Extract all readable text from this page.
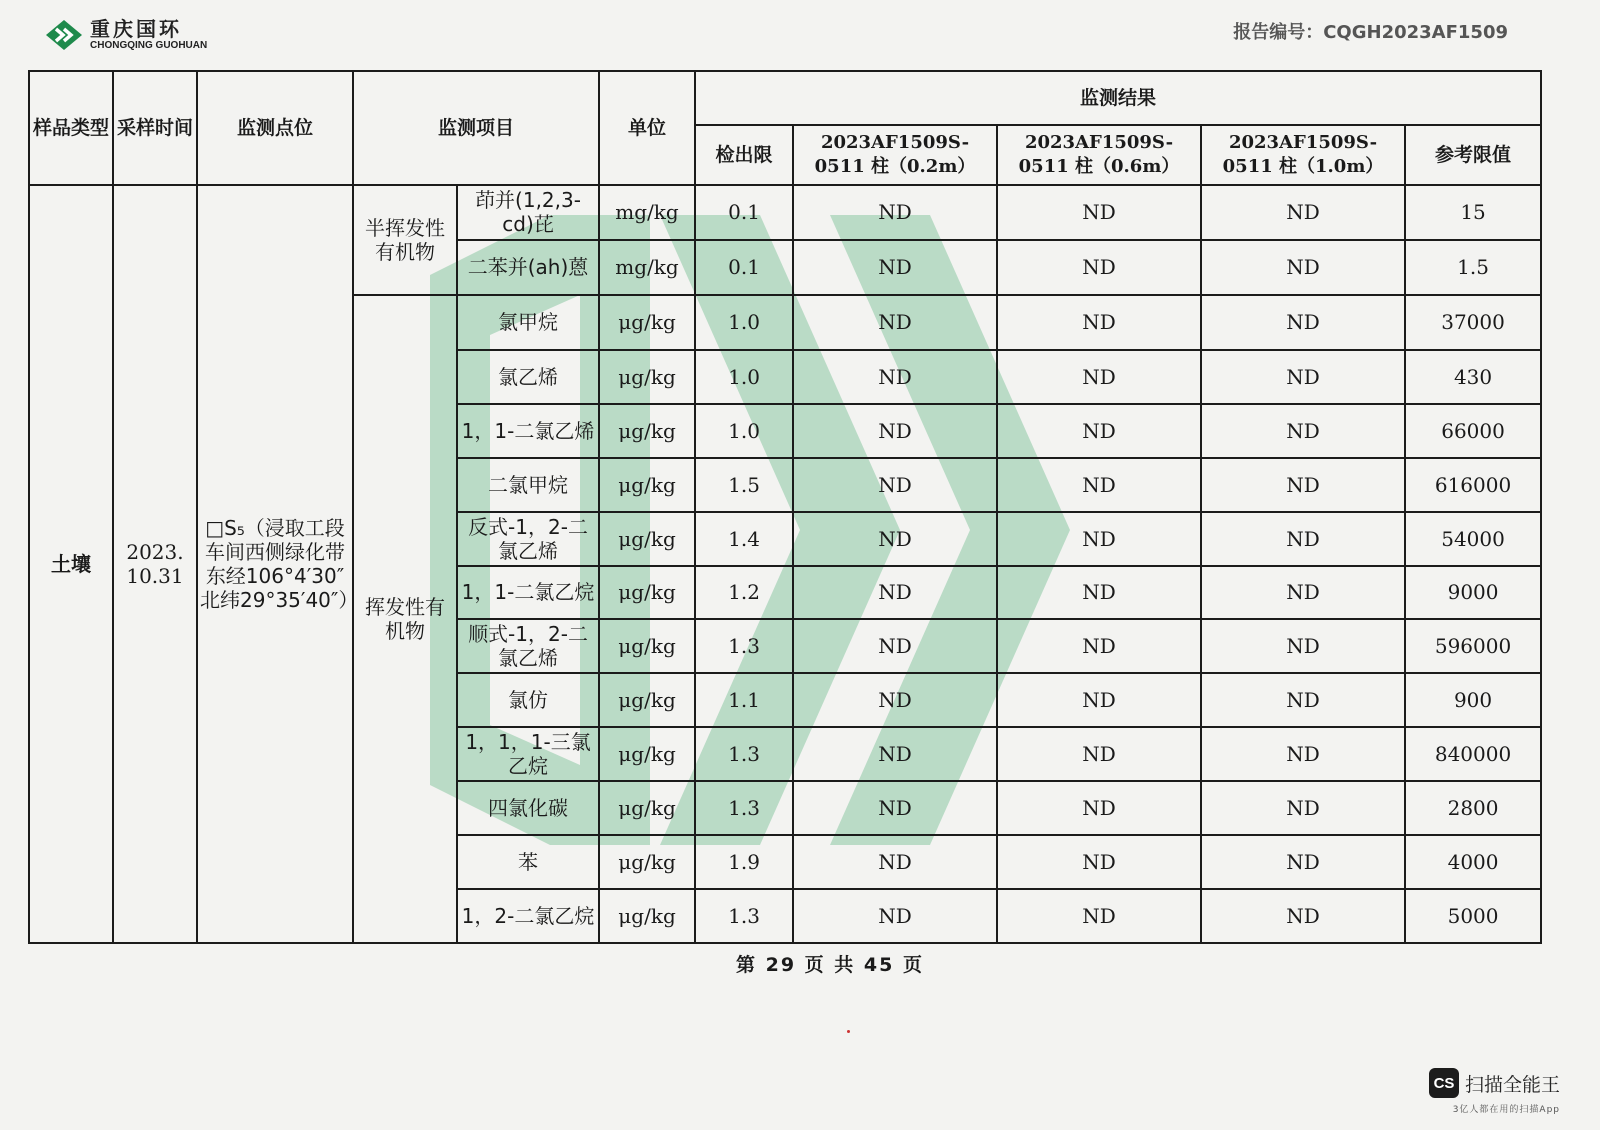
重庆国环
CHONGQING GUOHUAN
报告编号：CQGH2023AF1509
样品类型	采样时间	监测点位	监测项目		单位	监测结果				
						检出限	2023AF1509S-0511 柱（0.2m）	2023AF1509S-0511 柱（0.6m）	2023AF1509S-0511 柱（1.0m）	参考限值
土壤	2023. 10.31	□S₅（浸取工段车间西侧绿化带 东经106°4′30″ 北纬29°35′40″）	半挥发性有机物	茚并(1,2,3-cd)芘	mg/kg	0.1	ND	ND	ND	15
				二苯并(ah)蒽	mg/kg	0.1	ND	ND	ND	1.5
			挥发性有机物	氯甲烷	μg/kg	1.0	ND	ND	ND	37000
				氯乙烯	μg/kg	1.0	ND	ND	ND	430
				1，1-二氯乙烯	μg/kg	1.0	ND	ND	ND	66000
				二氯甲烷	μg/kg	1.5	ND	ND	ND	616000
				反式-1，2-二氯乙烯	μg/kg	1.4	ND	ND	ND	54000
				1，1-二氯乙烷	μg/kg	1.2	ND	ND	ND	9000
				顺式-1，2-二氯乙烯	μg/kg	1.3	ND	ND	ND	596000
				氯仿	μg/kg	1.1	ND	ND	ND	900
				1，1，1-三氯乙烷	μg/kg	1.3	ND	ND	ND	840000
				四氯化碳	μg/kg	1.3	ND	ND	ND	2800
				苯	μg/kg	1.9	ND	ND	ND	4000
				1，2-二氯乙烷	μg/kg	1.3	ND	ND	ND	5000
第 29 页 共 45 页
CS 扫描全能王
3亿人都在用的扫描App
